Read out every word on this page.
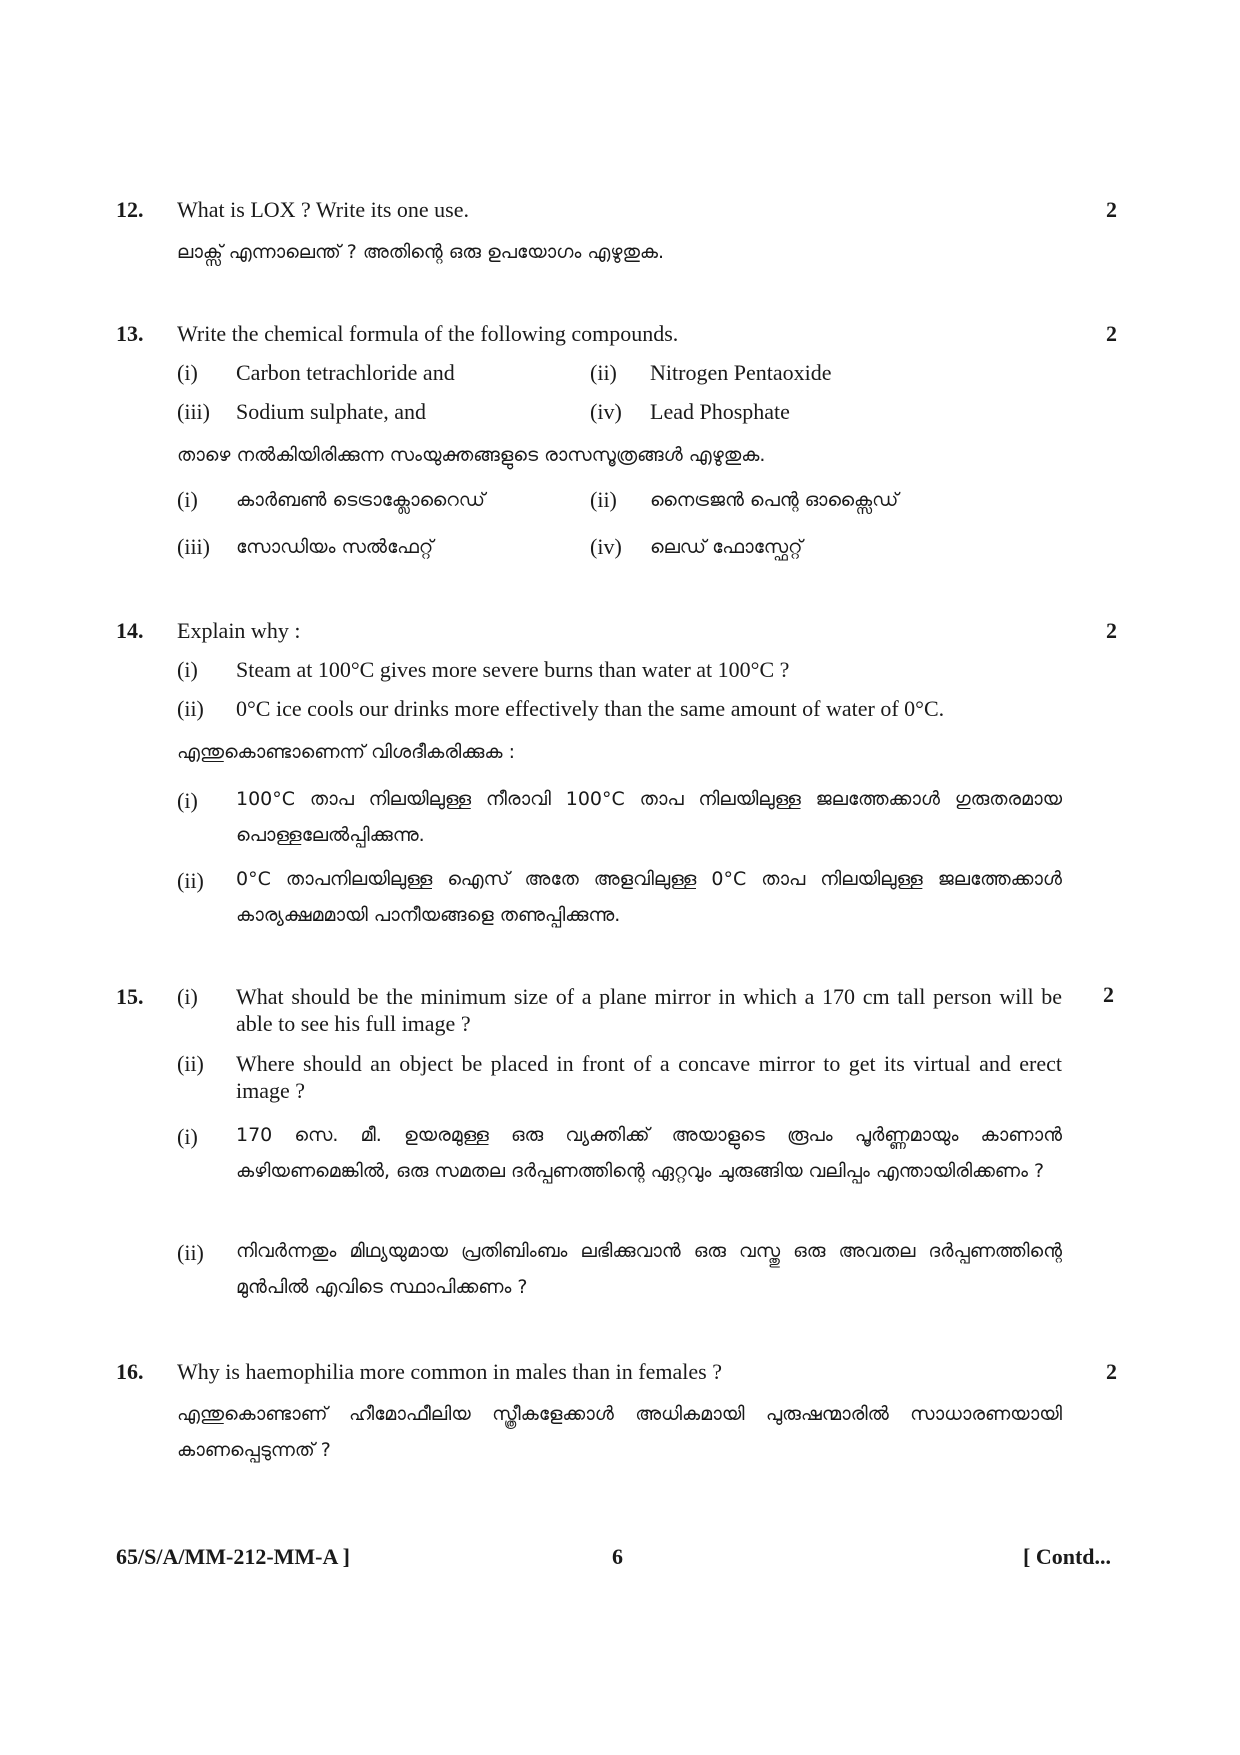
12.	2
What is LOX ? Write its one use.
ലാക്സ് എന്നാലെന്ത് ? അതിന്റെ ഒരു ഉപയോഗം എഴുതുക.
13.	2
Write the chemical formula of the following compounds.
(i) Carbon tetrachloride and	(ii) Nitrogen Pentaoxide
(iii) Sodium sulphate, and	(iv) Lead Phosphate
താഴെ നൽകിയിരിക്കുന്ന സംയുക്തങ്ങളുടെ രാസസൂത്രങ്ങൾ എഴുതുക.
(i) കാർബൺ ടെട്രാക്ലോറൈഡ്	(ii) നൈട്രജൻ പെന്റ ഓക്സൈഡ്
(iii) സോഡിയം സൽഫേറ്റ്	(iv) ലെഡ് ഫോസ്ഫേറ്റ്
14.	2
Explain why :
(i) Steam at 100°C gives more severe burns than water at 100°C ?
(ii) 0°C ice cools our drinks more effectively than the same amount of water of 0°C.
എന്തുകൊണ്ടാണെന്ന് വിശദീകരിക്കുക :
(i) 100°C താപ നിലയിലുള്ള നീരാവി 100°C താപ നിലയിലുള്ള ജലത്തേക്കാൾ ഗുരുതരമായ പൊള്ളലേൽപ്പിക്കുന്നു.
(ii) 0°C താപനിലയിലുള്ള ഐസ് അതേ അളവിലുള്ള 0°C താപ നിലയിലുള്ള ജലത്തേക്കാൾ കാര്യക്ഷമമായി പാനീയങ്ങളെ തണുപ്പിക്കുന്നു.
15.	2
(i) What should be the minimum size of a plane mirror in which a 170 cm tall person will be able to see his full image ?
(ii) Where should an object be placed in front of a concave mirror to get its virtual and erect image ?
(i) 170 സെ. മീ. ഉയരമുള്ള ഒരു വ്യക്തിക്ക് അയാളുടെ രൂപം പൂർണ്ണമായും കാണാൻ കഴിയണമെങ്കിൽ, ഒരു സമതല ദർപ്പണത്തിന്റെ ഏറ്റവും ചുരുങ്ങിയ വലിപ്പം എന്തായിരിക്കണം ?
(ii) നിവർന്നതും മിഥ്യയുമായ പ്രതിബിംബം ലഭിക്കുവാൻ ഒരു വസ്തു ഒരു അവതല ദർപ്പണത്തിന്റെ മുൻപിൽ എവിടെ സ്ഥാപിക്കണം ?
16.	2
Why is haemophilia more common in males than in females ?
എന്തുകൊണ്ടാണ് ഹീമോഫീലിയ സ്ത്രീകളേക്കാൾ അധികമായി പുരുഷന്മാരിൽ സാധാരണയായി കാണപ്പെടുന്നത് ?
65/S/A/MM-212-MM-A ]	6	[ Contd...
